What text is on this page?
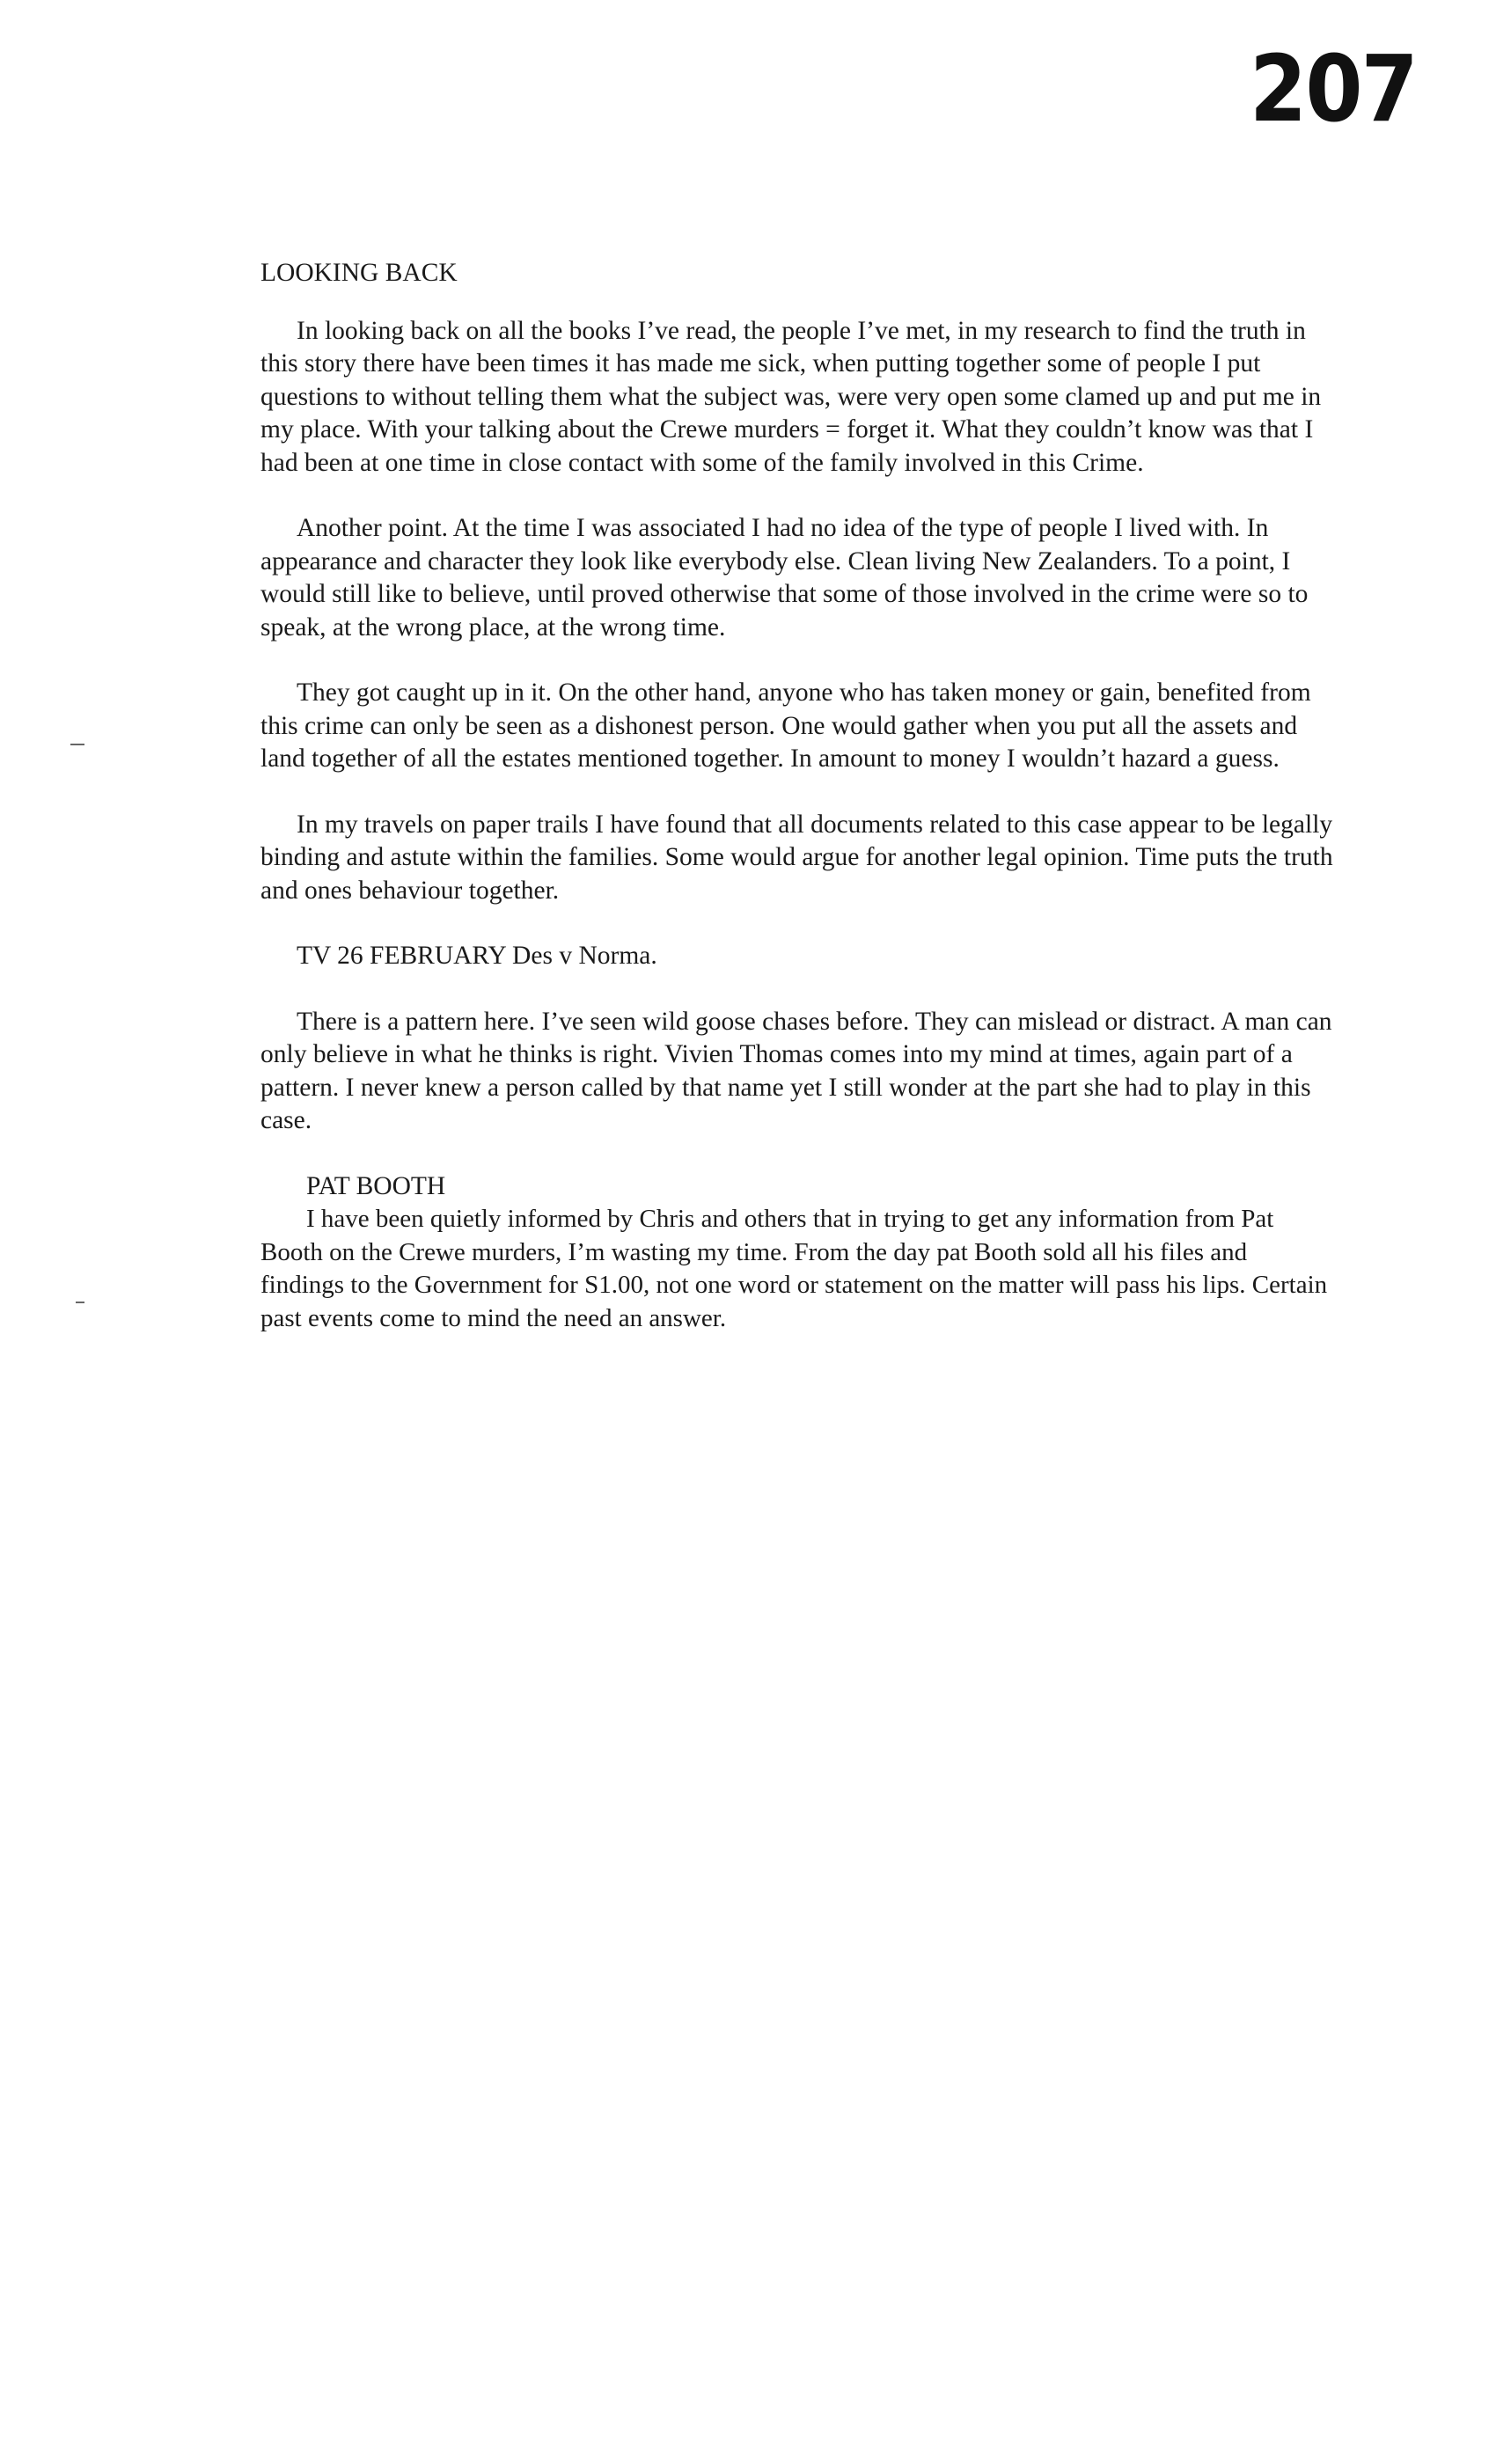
207

LOOKING BACK

In looking back on all the books I’ve read, the people I’ve met, in my research to find the truth in this story there have been times it has made me sick, when putting together some of people I put questions to without telling them what the subject was, were very open some clamed up and put me in my place. With your talking about the Crewe murders = forget it. What they couldn’t know was that I had been at one time in close contact with some of the family involved in this Crime.

Another point. At the time I was associated I had no idea of the type of people I lived with. In appearance and character they look like everybody else. Clean living New Zealanders. To a point, I would still like to believe, until proved otherwise that some of those involved in the crime were so to speak, at the wrong place, at the wrong time.

They got caught up in it. On the other hand, anyone who has taken money or gain, benefited from this crime can only be seen as a dishonest person. One would gather when you put all the assets and land together of all the estates mentioned together. In amount to money I wouldn’t hazard a guess.

In my travels on paper trails I have found that all documents related to this case appear to be legally binding and astute within the families. Some would argue for another legal opinion. Time puts the truth and ones behaviour together.

TV 26 FEBRUARY Des v Norma.

There is a pattern here. I’ve seen wild goose chases before. They can mislead or distract. A man can only believe in what he thinks is right. Vivien Thomas comes into my mind at times, again part of a pattern. I never knew a person called by that name yet I still wonder at the part she had to play in this case.

PAT BOOTH

I have been quietly informed by Chris and others that in trying to get any information from Pat Booth on the Crewe murders, I’m wasting my time. From the day pat Booth sold all his files and findings to the Government for S1.00, not one word or statement on the matter will pass his lips. Certain past events come to mind the need an answer.
